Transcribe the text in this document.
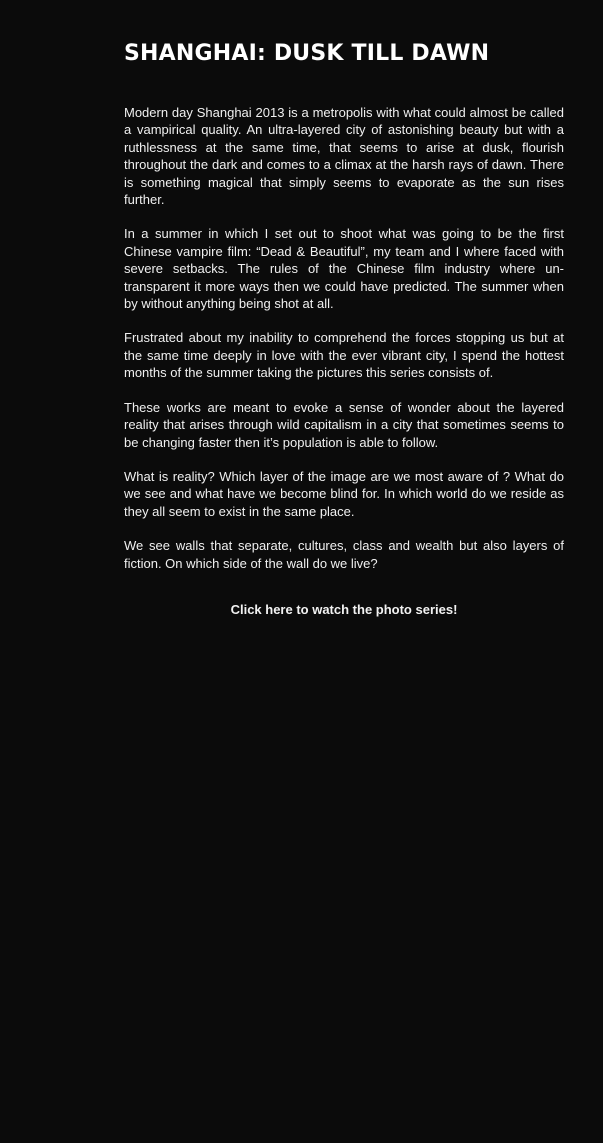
SHANGHAI: DUSK TILL DAWN

Modern day Shanghai 2013 is a metropolis with what could almost be called a vampirical quality. An ultra-layered city of astonishing beauty but with a ruthlessness at the same time, that seems to arise at dusk, flourish throughout the dark and comes to a climax at the harsh rays of dawn. There is something magical that simply seems to evaporate as the sun rises further.

In a summer in which I set out to shoot what was going to be the first Chinese vampire film: “Dead & Beautiful”, my team and I where faced with severe setbacks. The rules of the Chinese film industry where un-transparent it more ways then we could have predicted. The summer when by without anything being shot at all.

Frustrated about my inability to comprehend the forces stopping us but at the same time deeply in love with the ever vibrant city, I spend the hottest months of the summer taking the pictures this series consists of.

These works are meant to evoke a sense of wonder about the layered reality that arises through wild capitalism in a city that sometimes seems to be changing faster then it’s population is able to follow.

What is reality? Which layer of the image are we most aware of ? What do we see and what have we become blind for. In which world do we reside as they all seem to exist in the same place.

We see walls that separate, cultures, class and wealth but also layers of fiction. On which side of the wall do we live?

Click here to watch the photo series!
